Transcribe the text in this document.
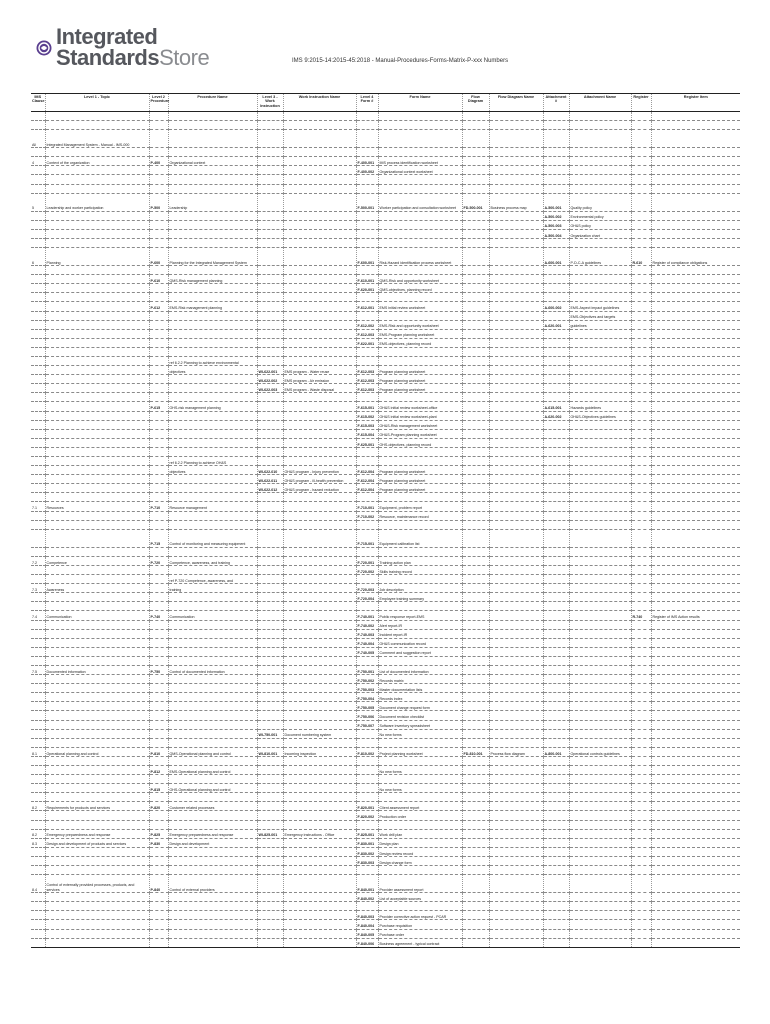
Integrated
StandardsStore	IMS 9:2015-14:2015-45:2018 - Manual-Procedures-Forms-Matrix-P-xxx Numbers
IMS Clause	Level 1 - Topic	Level 2 Procedure	Procedure Name	Level 3 - Work Instruction	Work Instruction Name	Level 4 Form #	Form Name	Flow Diagram	Flow Diagram Name	Attachment #	Attachment Name	Register	Register Item

All	Integrated Management System - Manual - IMS-000												

4	Context of the organization	P-400	Organizational context			F-400-001	IMS process identification worksheet						
						F-400-002	Organizational context worksheet						

5	Leadership and worker participation	P-500	Leadership			F-500-001	Worker participation and consultation worksheet	FD-500-001	Business process map	A-500-001	Quality policy		
										A-500-002	Environmental policy		
										A-500-003	OH&S policy		
										A-500-004	Organization chart		

6	Planning	P-600	Planning for the Integrated Management System			F-600-001	Risk-Hazard identification process worksheet			A-600-001	P-D-C-A guidelines	R-610	Register of compliance obligations

		P-610	QMS-Risk management planning			F-610-001	QMS-Risk and opportunity worksheet						
						F-620-001	QMS-objectives, planning record						

		P-612	EMS-Risk management planning			F-612-001	EMS initial review worksheet			A-600-002	EMS-Aspect impact guidelines		
											EMS-Objectives and targets		
						F-612-002	EMS-Risk and opportunity worksheet			A-620-001	guidelines		
						F-612-003	EMS-Program planning worksheet						
						F-622-001	EMS-objectives, planning record						

			ref 6.2.2 Planning to achieve environmental										
			objectives	WI-622-001	EMS program - Water reuse	F-612-003	Program planning worksheet						
				WI-622-002	EMS program - Air emission	F-612-003	Program planning worksheet						
				WI-622-003	EMS program - Waste disposal	F-612-003	Program planning worksheet						

		P-615	OHS-risk management planning			F-615-001	OH&S initial review worksheet-office			A-615-001	Hazards guidelines		
						F-615-002	OH&S initial review worksheet-plant			A-620-002	OH&S-Objectives guidelines		
						F-615-003	OH&S-Risk management worksheet						
						F-615-004	OH&S-Program planning worksheet						
						F-625-001	OHS-objectives, planning record						

			ref 6.2.2 Planning to achieve OH&S										
			objectives	WI-622-010	OH&S program - Injury prevention	F-612-004	Program planning worksheet						
				WI-622-011	OH&S program - ill-health prevention	F-612-004	Program planning worksheet						
				WI-622-012	OH&S program - hazard reduction	F-612-004	Program planning worksheet						

7.1	Resources	P-710	Resource management			F-710-001	Equipment, problem report						
						F-710-002	Resource, maintenance record						

		P-715	Control of monitoring and measuring equipment			F-715-001	Equipment calibration list						

7.2	Competence	P-720	Competence, awareness, and training			F-720-001	Training action plan						
						F-720-002	Skills training record						
			ref P-720 Competence, awareness, and										
7.3	Awareness		training			F-720-003	Job description						
						F-720-004	Employee training summary						

7.4	Communication	P-740	Communication			F-740-001	Public response report-EMS					R-740	Register of IMS Action results
						F-740-002	Alert report-IR						
						F-740-003	Incident report-IR						
						F-740-004	OH&S communication record						
						F-740-005	Comment and suggestion report						

7.5	Documented information	P-750	Control of documented information			F-750-001	List of documented information						
						F-750-002	Records matrix						
						F-750-003	Master documentation lists						
						F-750-004	Records index						
						F-750-005	Document change request form						
						F-750-006	Document revision checklist						
						F-750-007	Software inventory spreadsheet						
				WI-750-001	Document numbering system		No new forms						

8.1	Operational planning and control	P-810	QMS-Operational planning and control	WI-810-001	Incoming inspection	F-810-002	Project planning worksheet	FD-810-001	Process flow diagram	A-800-001	Operational controls guidelines		

		P-812	EMS-Operational planning and control				No new forms						

		P-815	OHS-Operational planning and control				No new forms						

8.2	Requirements for products and services	P-820	Customer related processes			F-820-001	Client assessment report						
						F-820-002	Production order						

8.2	Emergency preparedness and response	P-825	Emergency preparedness and response	WI-825-001	Emergency instructions - Office	F-825-001	Work drill plan						
8.3	Design and development of products and services	P-830	Design and development			F-830-001	Design plan						
						F-830-002	Design review record						
						F-830-003	Design change form						

8.4	Control of externally provided processes, products, and services	P-840	Control of external providers			F-840-001	Provider assessment report						
						F-840-002	List of acceptable sources						

						F-840-003	Provider corrective action request - PCAR						
						F-840-004	Purchase requisition						
						F-840-005	Purchase order						
						F-840-006	Business agreement - typical contract						
